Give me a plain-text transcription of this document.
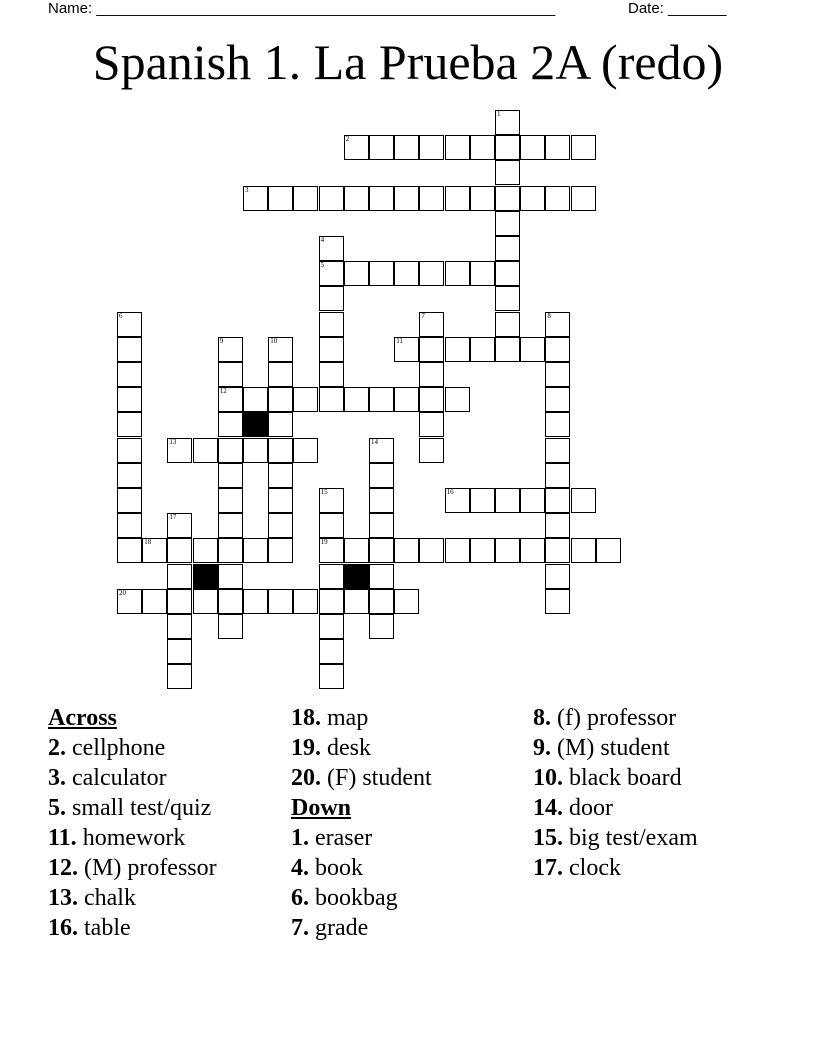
Name: _______________________________________________________	Date: _______
Spanish 1. La Prueba 2A (redo)
1
2
3
4
5
6	7	8
9
12
10	11
13	14
15
19
16
17
18
20
Across
2. cellphone
3. calculator
5. small test/quiz
11. homework
12. (M) professor
13. chalk
16. table
18. map
19. desk
20. (F) student
Down
1. eraser
4. book
6. bookbag
7. grade
8. (f) professor
9. (M) student
10. black board
14. door
15. big test/exam
17. clock
